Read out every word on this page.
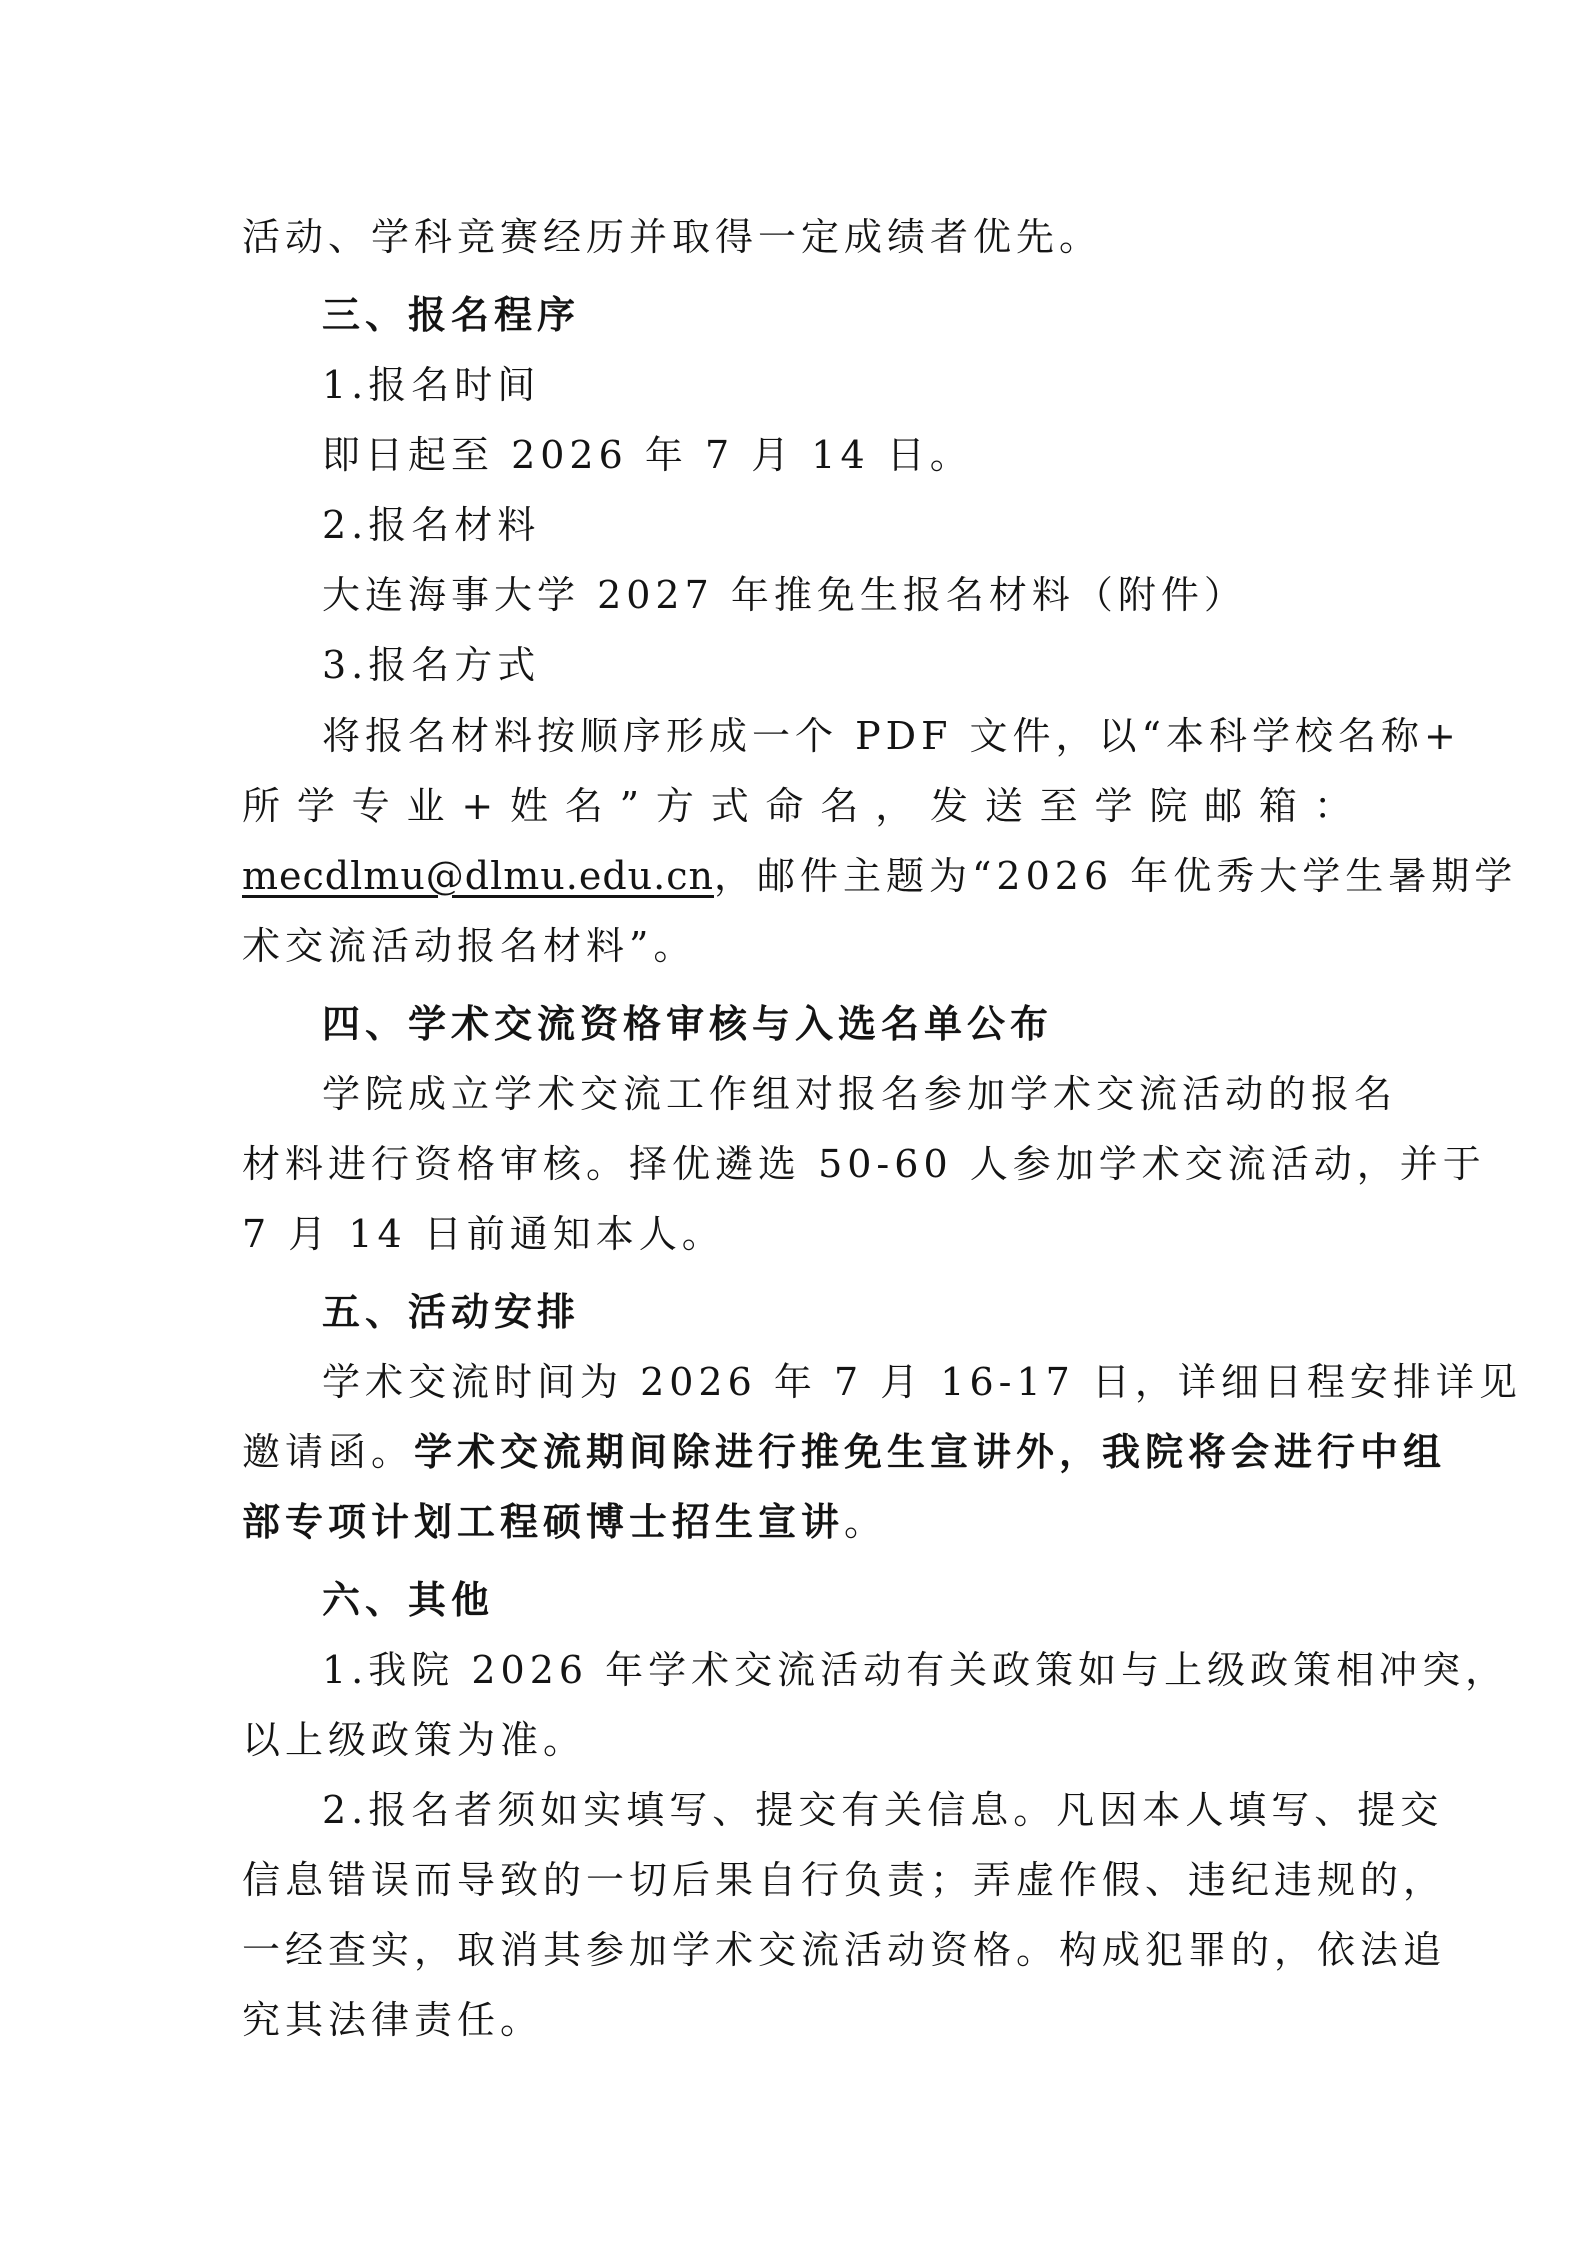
活动、学科竞赛经历并取得一定成绩者优先。
三、报名程序
1.报名时间
即日起至 2026 年 7 月 14 日。
2.报名材料
大连海事大学 2027 年推免生报名材料（附件）
3.报名方式
将报名材料按顺序形成一个 PDF 文件，以“本科学校名称+
所 学 专 业 + 姓 名 ” 方 式 命 名 ， 发 送 至 学 院 邮 箱 ：
mecdlmu@dlmu.edu.cn，邮件主题为“2026 年优秀大学生暑期学
术交流活动报名材料”。
四、学术交流资格审核与入选名单公布
学院成立学术交流工作组对报名参加学术交流活动的报名
材料进行资格审核。择优遴选 50-60 人参加学术交流活动，并于
7 月 14 日前通知本人。
五、活动安排
学术交流时间为 2026 年 7 月 16-17 日，详细日程安排详见
邀请函。学术交流期间除进行推免生宣讲外，我院将会进行中组
部专项计划工程硕博士招生宣讲。
六、其他
1.我院 2026 年学术交流活动有关政策如与上级政策相冲突，
以上级政策为准。
2.报名者须如实填写、提交有关信息。凡因本人填写、提交
信息错误而导致的一切后果自行负责；弄虚作假、违纪违规的，
一经查实，取消其参加学术交流活动资格。构成犯罪的，依法追
究其法律责任。
